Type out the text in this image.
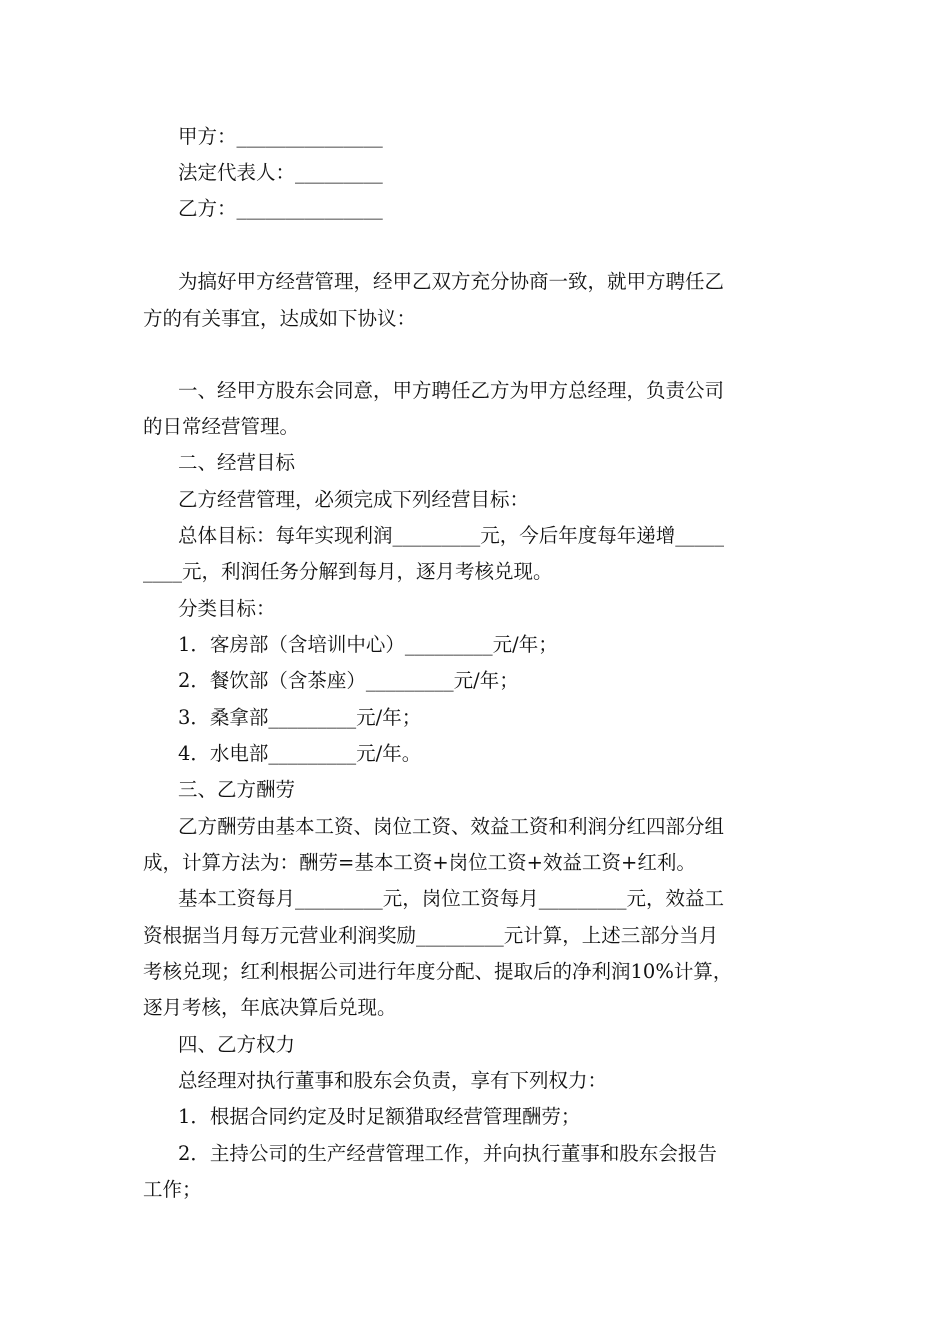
甲方：_______________
法定代表人：_________
乙方：_______________
为搞好甲方经营管理，经甲乙双方充分协商一致，就甲方聘任乙
方的有关事宜，达成如下协议：
一、经甲方股东会同意，甲方聘任乙方为甲方总经理，负责公司
的日常经营管理。
二、经营目标
乙方经营管理，必须完成下列经营目标：
总体目标：每年实现利润_________元，今后年度每年递增_____
____元，利润任务分解到每月，逐月考核兑现。
分类目标：
1．客房部（含培训中心）_________元/年；
2．餐饮部（含茶座）_________元/年；
3．桑拿部_________元/年；
4．水电部_________元/年。
三、乙方酬劳
乙方酬劳由基本工资、岗位工资、效益工资和利润分红四部分组
成，计算方法为：酬劳=基本工资+岗位工资+效益工资+红利。
基本工资每月_________元，岗位工资每月_________元，效益工
资根据当月每万元营业利润奖励_________元计算，上述三部分当月
考核兑现；红利根据公司进行年度分配、提取后的净利润10%计算，
逐月考核，年底决算后兑现。
四、乙方权力
总经理对执行董事和股东会负责，享有下列权力：
1．根据合同约定及时足额猎取经营管理酬劳；
2．主持公司的生产经营管理工作，并向执行董事和股东会报告
工作；
